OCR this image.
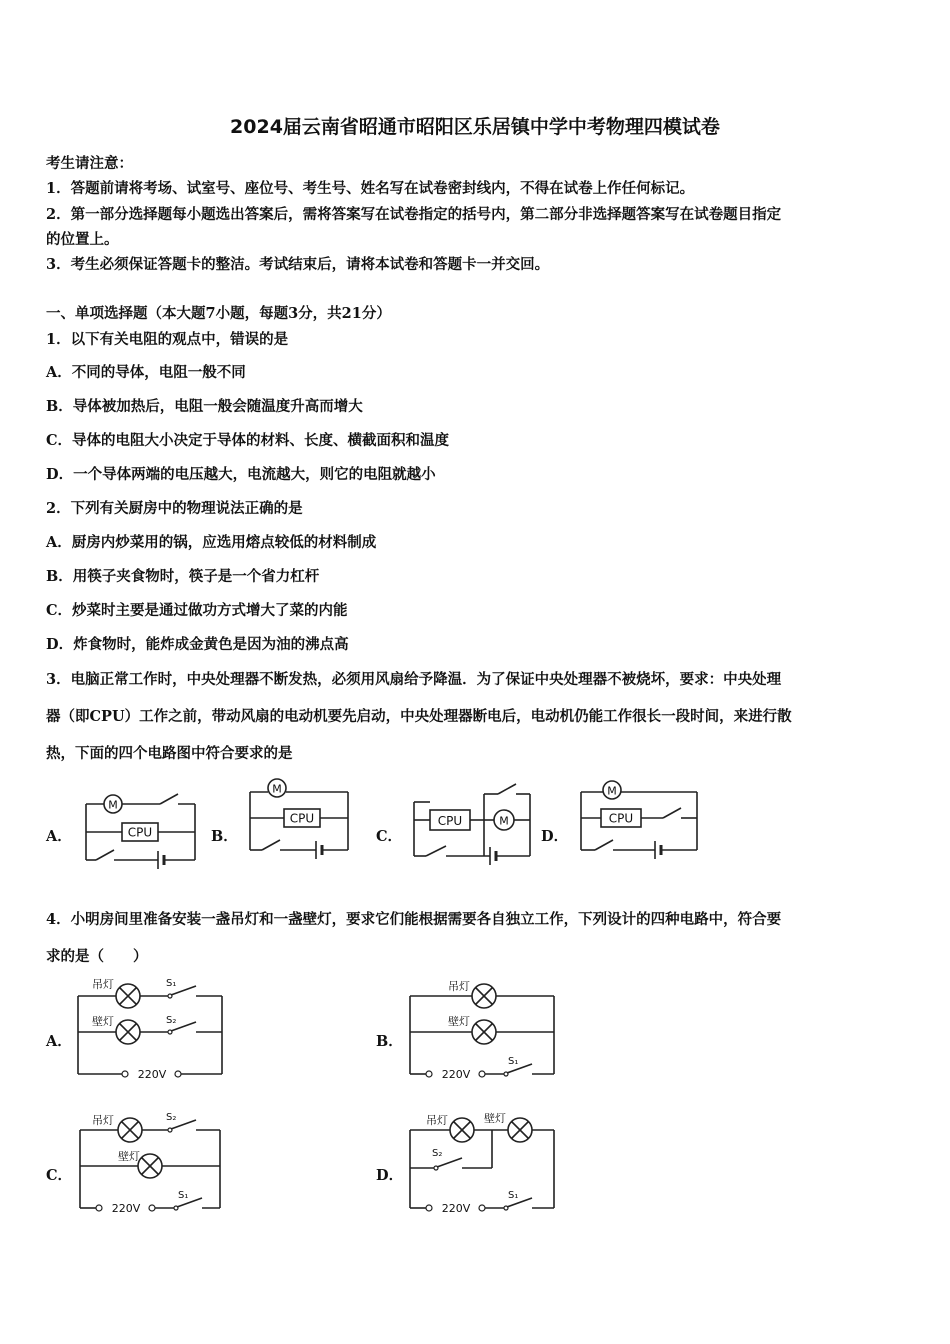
2024届云南省昭通市昭阳区乐居镇中学中考物理四模试卷
考生请注意：
1．答题前请将考场、试室号、座位号、考生号、姓名写在试卷密封线内，不得在试卷上作任何标记。
2．第一部分选择题每小题选出答案后，需将答案写在试卷指定的括号内，第二部分非选择题答案写在试卷题目指定
的位置上。
3．考生必须保证答题卡的整洁。考试结束后，请将本试卷和答题卡一并交回。
一、单项选择题（本大题7小题，每题3分，共21分）
1．以下有关电阻的观点中，错误的是
A．不同的导体，电阻一般不同
B．导体被加热后，电阻一般会随温度升高而增大
C．导体的电阻大小决定于导体的材料、长度、横截面积和温度
D．一个导体两端的电压越大，电流越大，则它的电阻就越小
2．下列有关厨房中的物理说法正确的是
A．厨房内炒菜用的锅，应选用熔点较低的材料制成
B．用筷子夹食物时，筷子是一个省力杠杆
C．炒菜时主要是通过做功方式增大了菜的内能
D．炸食物时，能炸成金黄色是因为油的沸点高
3．电脑正常工作时，中央处理器不断发热，必须用风扇给予降温．为了保证中央处理器不被烧坏，要求：中央处理
器（即CPU）工作之前，带动风扇的电动机要先启动，中央处理器断电后，电动机仍能工作很长一段时间，来进行散
热，下面的四个电路图中符合要求的是
A．	B．	C．	D．
M
CPU
M
CPU	CPU	M
M
CPU
4．小明房间里准备安装一盏吊灯和一盏壁灯，要求它们能根据需要各自独立工作，下列设计的四种电路中，符合要
求的是（　　）
A．	B．
C．	D．
吊灯	S₁
壁灯	S₂
220V
吊灯
壁灯
S₁
220V
吊灯	S₂
壁灯
S₁
220V
吊灯	壁灯
S₂
S₁
220V
